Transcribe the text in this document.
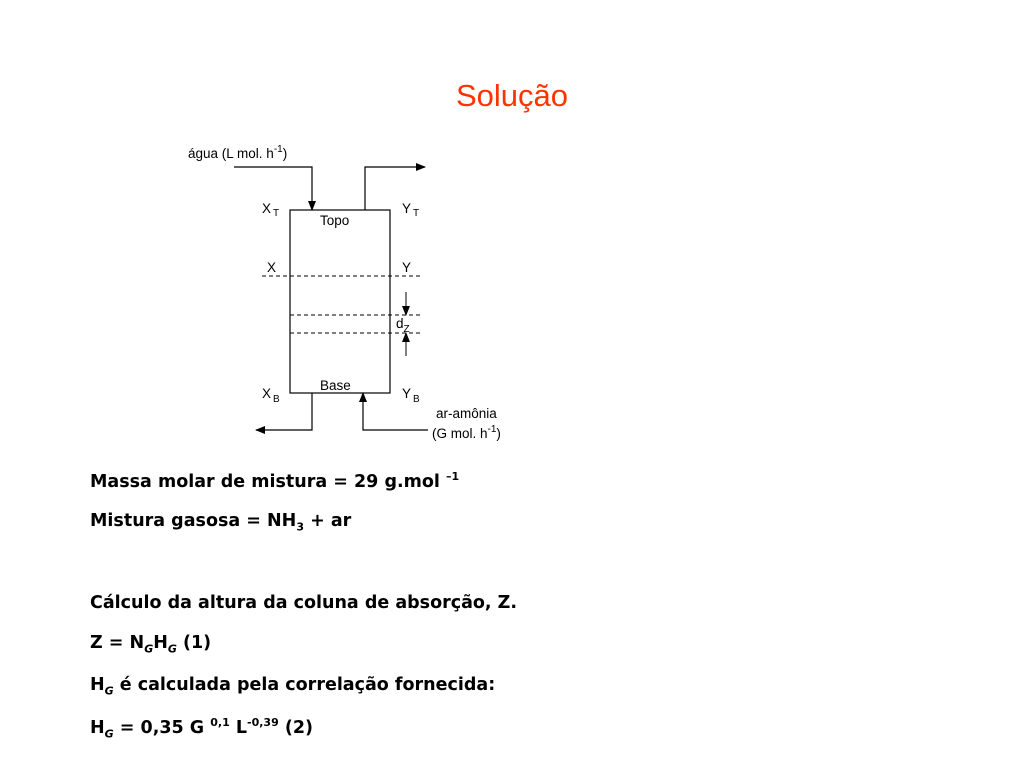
Solução
água (L mol. $h^{-1}$)
X $_T$	Y $_T$
Topo
X	Y
$d_Z$
Base
X $_B$	Y $_B$
ar-amônia
(G mol. $h^{-1}$)

Massa molar de mistura = 29 g.mol $^{-1}$

Mistura gasosa = $NH_3$ + ar

Cálculo da altura da coluna de absorção, Z.

$Z = N_GH_G$ (1)

$H_G$ é calculada pela correlação fornecida:

$H_G = 0,35$ G $^{0,1}$ $L^{-0,39}$ (2)
